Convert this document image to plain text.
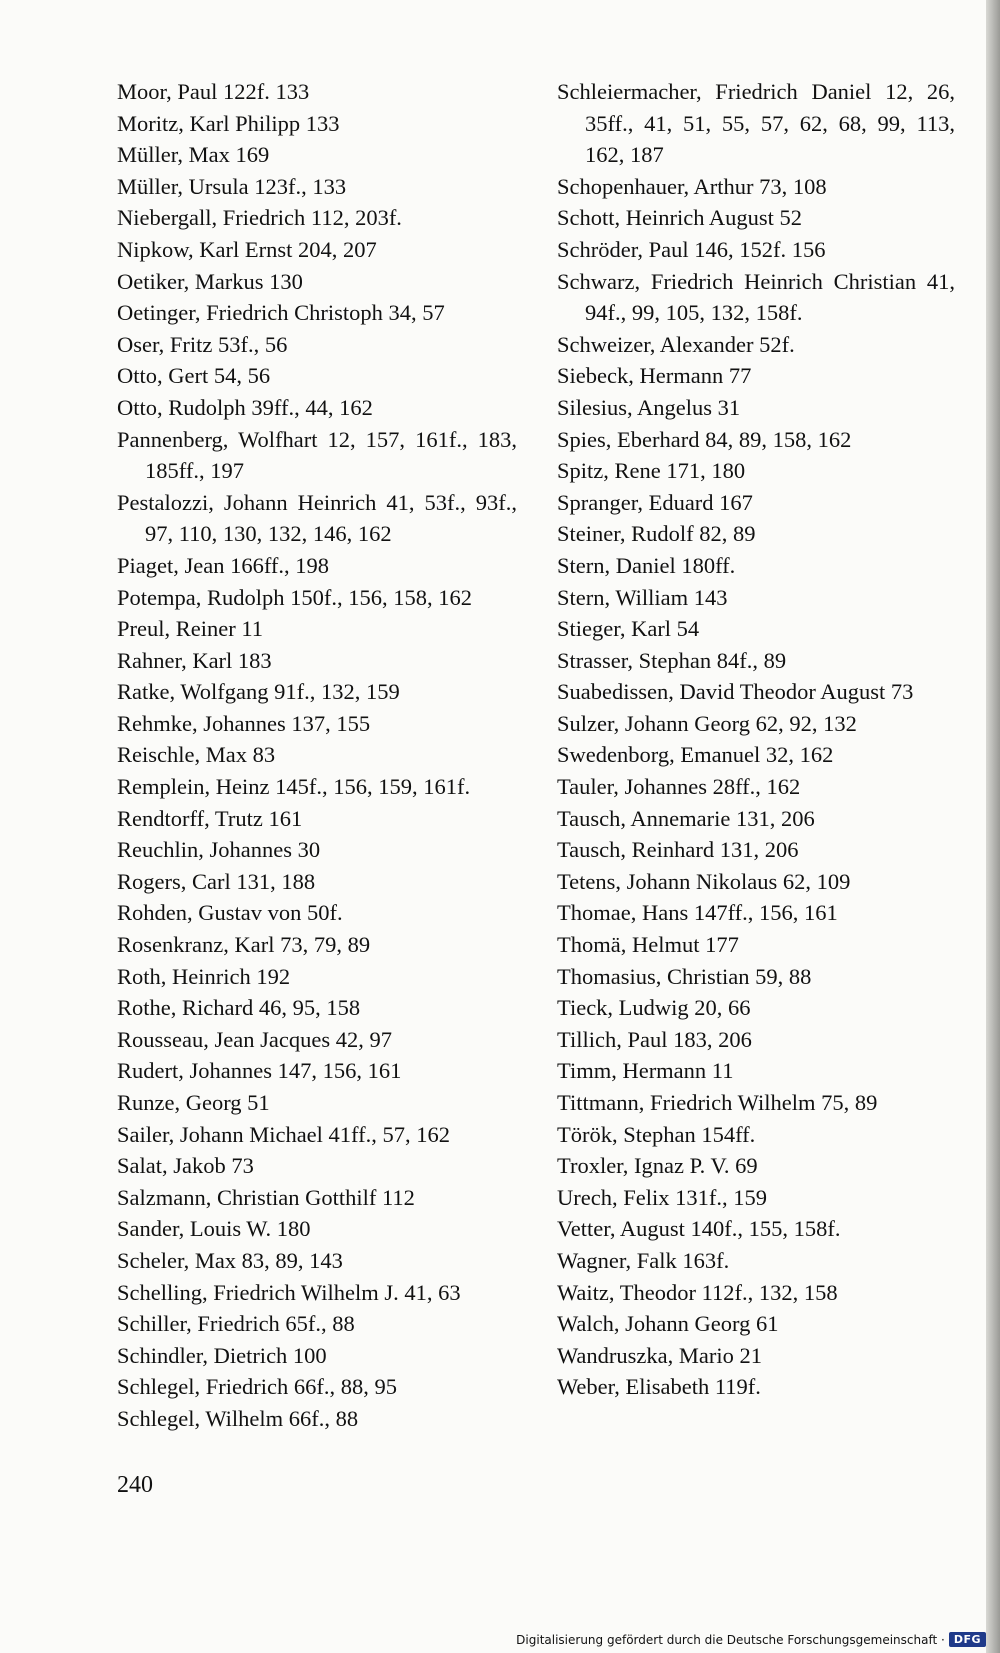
Moor, Paul 122f. 133
Moritz, Karl Philipp 133
Müller, Max 169
Müller, Ursula 123f., 133
Niebergall, Friedrich 112, 203f.
Nipkow, Karl Ernst 204, 207
Oetiker, Markus 130
Oetinger, Friedrich Christoph 34, 57
Oser, Fritz 53f., 56
Otto, Gert 54, 56
Otto, Rudolph 39ff., 44, 162
Pannenberg, Wolfhart 12, 157, 161f., 183, 185ff., 197
Pestalozzi, Johann Heinrich 41, 53f., 93f., 97, 110, 130, 132, 146, 162
Piaget, Jean 166ff., 198
Potempa, Rudolph 150f., 156, 158, 162
Preul, Reiner 11
Rahner, Karl 183
Ratke, Wolfgang 91f., 132, 159
Rehmke, Johannes 137, 155
Reischle, Max 83
Remplein, Heinz 145f., 156, 159, 161f.
Rendtorff, Trutz 161
Reuchlin, Johannes 30
Rogers, Carl 131, 188
Rohden, Gustav von 50f.
Rosenkranz, Karl 73, 79, 89
Roth, Heinrich 192
Rothe, Richard 46, 95, 158
Rousseau, Jean Jacques 42, 97
Rudert, Johannes 147, 156, 161
Runze, Georg 51
Sailer, Johann Michael 41ff., 57, 162
Salat, Jakob 73
Salzmann, Christian Gotthilf 112
Sander, Louis W. 180
Scheler, Max 83, 89, 143
Schelling, Friedrich Wilhelm J. 41, 63
Schiller, Friedrich 65f., 88
Schindler, Dietrich 100
Schlegel, Friedrich 66f., 88, 95
Schlegel, Wilhelm 66f., 88
Schleiermacher, Friedrich Daniel 12, 26, 35ff., 41, 51, 55, 57, 62, 68, 99, 113, 162, 187
Schopenhauer, Arthur 73, 108
Schott, Heinrich August 52
Schröder, Paul 146, 152f. 156
Schwarz, Friedrich Heinrich Christian 41, 94f., 99, 105, 132, 158f.
Schweizer, Alexander 52f.
Siebeck, Hermann 77
Silesius, Angelus 31
Spies, Eberhard 84, 89, 158, 162
Spitz, Rene 171, 180
Spranger, Eduard 167
Steiner, Rudolf 82, 89
Stern, Daniel 180ff.
Stern, William 143
Stieger, Karl 54
Strasser, Stephan 84f., 89
Suabedissen, David Theodor August 73
Sulzer, Johann Georg 62, 92, 132
Swedenborg, Emanuel 32, 162
Tauler, Johannes 28ff., 162
Tausch, Annemarie 131, 206
Tausch, Reinhard 131, 206
Tetens, Johann Nikolaus 62, 109
Thomae, Hans 147ff., 156, 161
Thomä, Helmut 177
Thomasius, Christian 59, 88
Tieck, Ludwig 20, 66
Tillich, Paul 183, 206
Timm, Hermann 11
Tittmann, Friedrich Wilhelm 75, 89
Török, Stephan 154ff.
Troxler, Ignaz P. V. 69
Urech, Felix 131f., 159
Vetter, August 140f., 155, 158f.
Wagner, Falk 163f.
Waitz, Theodor 112f., 132, 158
Walch, Johann Georg 61
Wandruszka, Mario 21
Weber, Elisabeth 119f.
240
Digitalisierung gefördert durch die Deutsche Forschungsgemeinschaft · DFG
